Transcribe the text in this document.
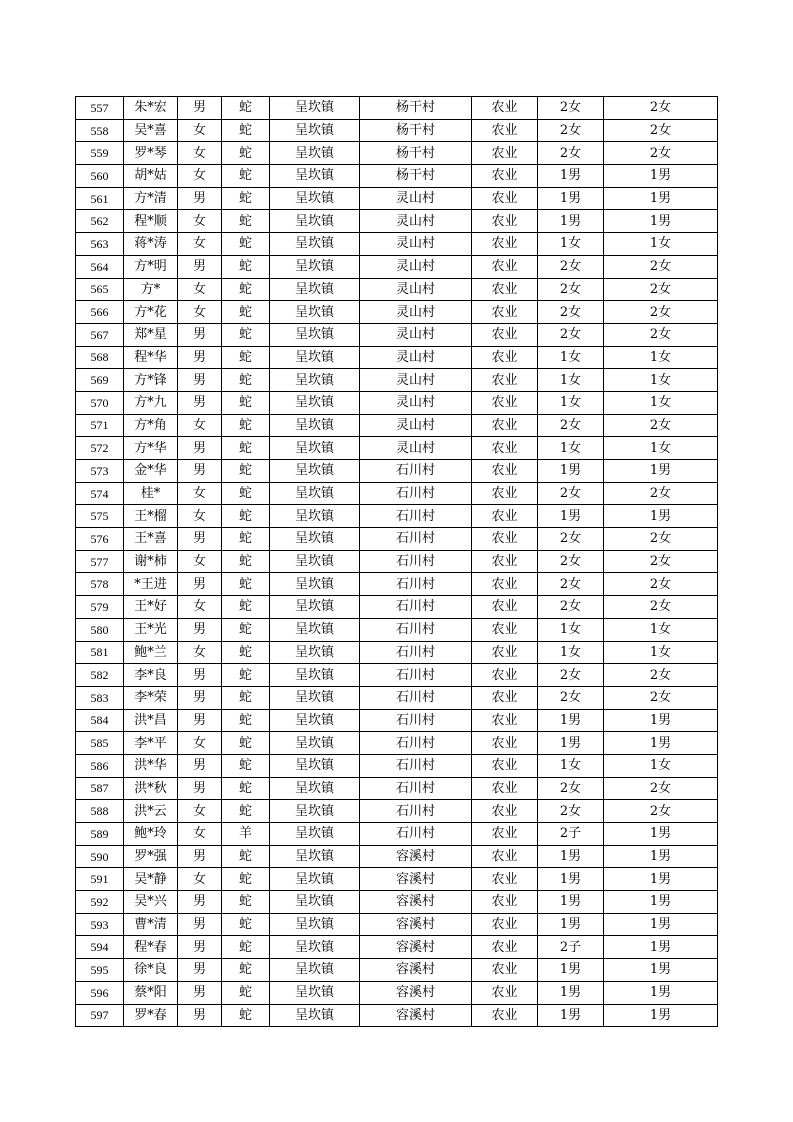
557	朱*宏	男	蛇	呈坎镇	杨干村	农业	2女	2女
558	吴*喜	女	蛇	呈坎镇	杨干村	农业	2女	2女
559	罗*琴	女	蛇	呈坎镇	杨干村	农业	2女	2女
560	胡*姑	女	蛇	呈坎镇	杨干村	农业	1男	1男
561	方*清	男	蛇	呈坎镇	灵山村	农业	1男	1男
562	程*顺	女	蛇	呈坎镇	灵山村	农业	1男	1男
563	蒋*涛	女	蛇	呈坎镇	灵山村	农业	1女	1女
564	方*明	男	蛇	呈坎镇	灵山村	农业	2女	2女
565	方*	女	蛇	呈坎镇	灵山村	农业	2女	2女
566	方*花	女	蛇	呈坎镇	灵山村	农业	2女	2女
567	郑*星	男	蛇	呈坎镇	灵山村	农业	2女	2女
568	程*华	男	蛇	呈坎镇	灵山村	农业	1女	1女
569	方*锋	男	蛇	呈坎镇	灵山村	农业	1女	1女
570	方*九	男	蛇	呈坎镇	灵山村	农业	1女	1女
571	方*角	女	蛇	呈坎镇	灵山村	农业	2女	2女
572	方*华	男	蛇	呈坎镇	灵山村	农业	1女	1女
573	金*华	男	蛇	呈坎镇	石川村	农业	1男	1男
574	桂*	女	蛇	呈坎镇	石川村	农业	2女	2女
575	王*榴	女	蛇	呈坎镇	石川村	农业	1男	1男
576	王*喜	男	蛇	呈坎镇	石川村	农业	2女	2女
577	谢*柿	女	蛇	呈坎镇	石川村	农业	2女	2女
578	*王进	男	蛇	呈坎镇	石川村	农业	2女	2女
579	王*好	女	蛇	呈坎镇	石川村	农业	2女	2女
580	王*光	男	蛇	呈坎镇	石川村	农业	1女	1女
581	鲍*兰	女	蛇	呈坎镇	石川村	农业	1女	1女
582	李*良	男	蛇	呈坎镇	石川村	农业	2女	2女
583	李*荣	男	蛇	呈坎镇	石川村	农业	2女	2女
584	洪*昌	男	蛇	呈坎镇	石川村	农业	1男	1男
585	李*平	女	蛇	呈坎镇	石川村	农业	1男	1男
586	洪*华	男	蛇	呈坎镇	石川村	农业	1女	1女
587	洪*秋	男	蛇	呈坎镇	石川村	农业	2女	2女
588	洪*云	女	蛇	呈坎镇	石川村	农业	2女	2女
589	鲍*玲	女	羊	呈坎镇	石川村	农业	2子	1男
590	罗*强	男	蛇	呈坎镇	容溪村	农业	1男	1男
591	吴*静	女	蛇	呈坎镇	容溪村	农业	1男	1男
592	吴*兴	男	蛇	呈坎镇	容溪村	农业	1男	1男
593	曹*清	男	蛇	呈坎镇	容溪村	农业	1男	1男
594	程*春	男	蛇	呈坎镇	容溪村	农业	2子	1男
595	徐*良	男	蛇	呈坎镇	容溪村	农业	1男	1男
596	蔡*阳	男	蛇	呈坎镇	容溪村	农业	1男	1男
597	罗*春	男	蛇	呈坎镇	容溪村	农业	1男	1男
